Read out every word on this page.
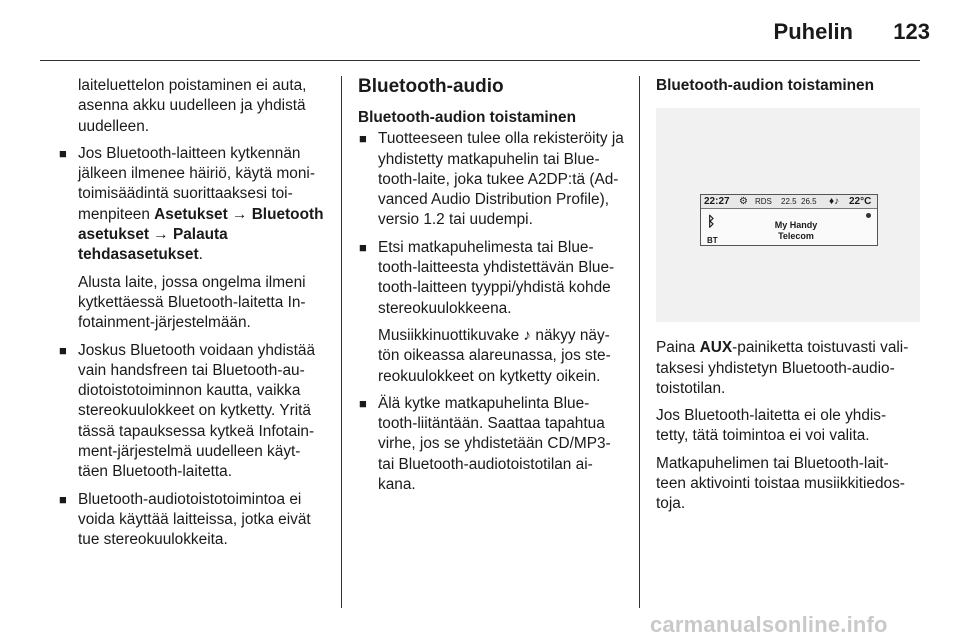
Puhelin	123

laiteluettelon poistaminen ei auta, asenna akku uudelleen ja yhdistä uudelleen.

■ Jos Bluetooth-laitteen kytkennän jälkeen ilmenee häiriö, käytä moni- toimisäädintä suorittaaksesi toi- menpiteen Asetukset → Bluetooth asetukset → Palauta tehdasasetukset.

Alusta laite, jossa ongelma ilmeni kytkettäessä Bluetooth-laitetta In- fotainment-järjestelmään.

■ Joskus Bluetooth voidaan yhdistää vain handsfreen tai Bluetooth-au- diotoistotoiminnon kautta, vaikka stereokuulokkeet on kytketty. Yritä tässä tapauksessa kytkeä Infotain- ment-järjestelmä uudelleen käyt- täen Bluetooth-laitetta.

■ Bluetooth-audiotoistotoimintoa ei voida käyttää laitteissa, jotka eivät tue stereokuulokkeita.

Bluetooth-audio
Bluetooth-audion toistaminen
■ Tuotteeseen tulee olla rekisteröity ja yhdistetty matkapuhelin tai Blue- tooth-laite, joka tukee A2DP:tä (Ad- vanced Audio Distribution Profile), versio 1.2 tai uudempi.

■ Etsi matkapuhelimesta tai Blue- tooth-laitteesta yhdistettävän Blue- tooth-laitteen tyyppi/yhdistä kohde stereokuulokkeena.

Musiikkinuottikuvake ♪ näkyy näy- tön oikeassa alareunassa, jos ste- reokuulokkeet on kytketty oikein.

■ Älä kytke matkapuhelinta Blue- tooth-liitäntään. Saattaa tapahtua virhe, jos se yhdistetään CD/MP3- tai Bluetooth-audiotoistotilan ai- kana.

Bluetooth-audion toistaminen
22:27 ⚙ RDS 22.5 26.5 ♦♪ 22°C
ᛒ
BT
My Handy
Telecom

Paina AUX-painiketta toistuvasti vali- taksesi yhdistetyn Bluetooth-audio- toistotilan.

Jos Bluetooth-laitetta ei ole yhdis- tetty, tätä toimintoa ei voi valita.

Matkapuhelimen tai Bluetooth-lait- teen aktivointi toistaa musiikkitiedos- toja.

carmanualsonline.info
